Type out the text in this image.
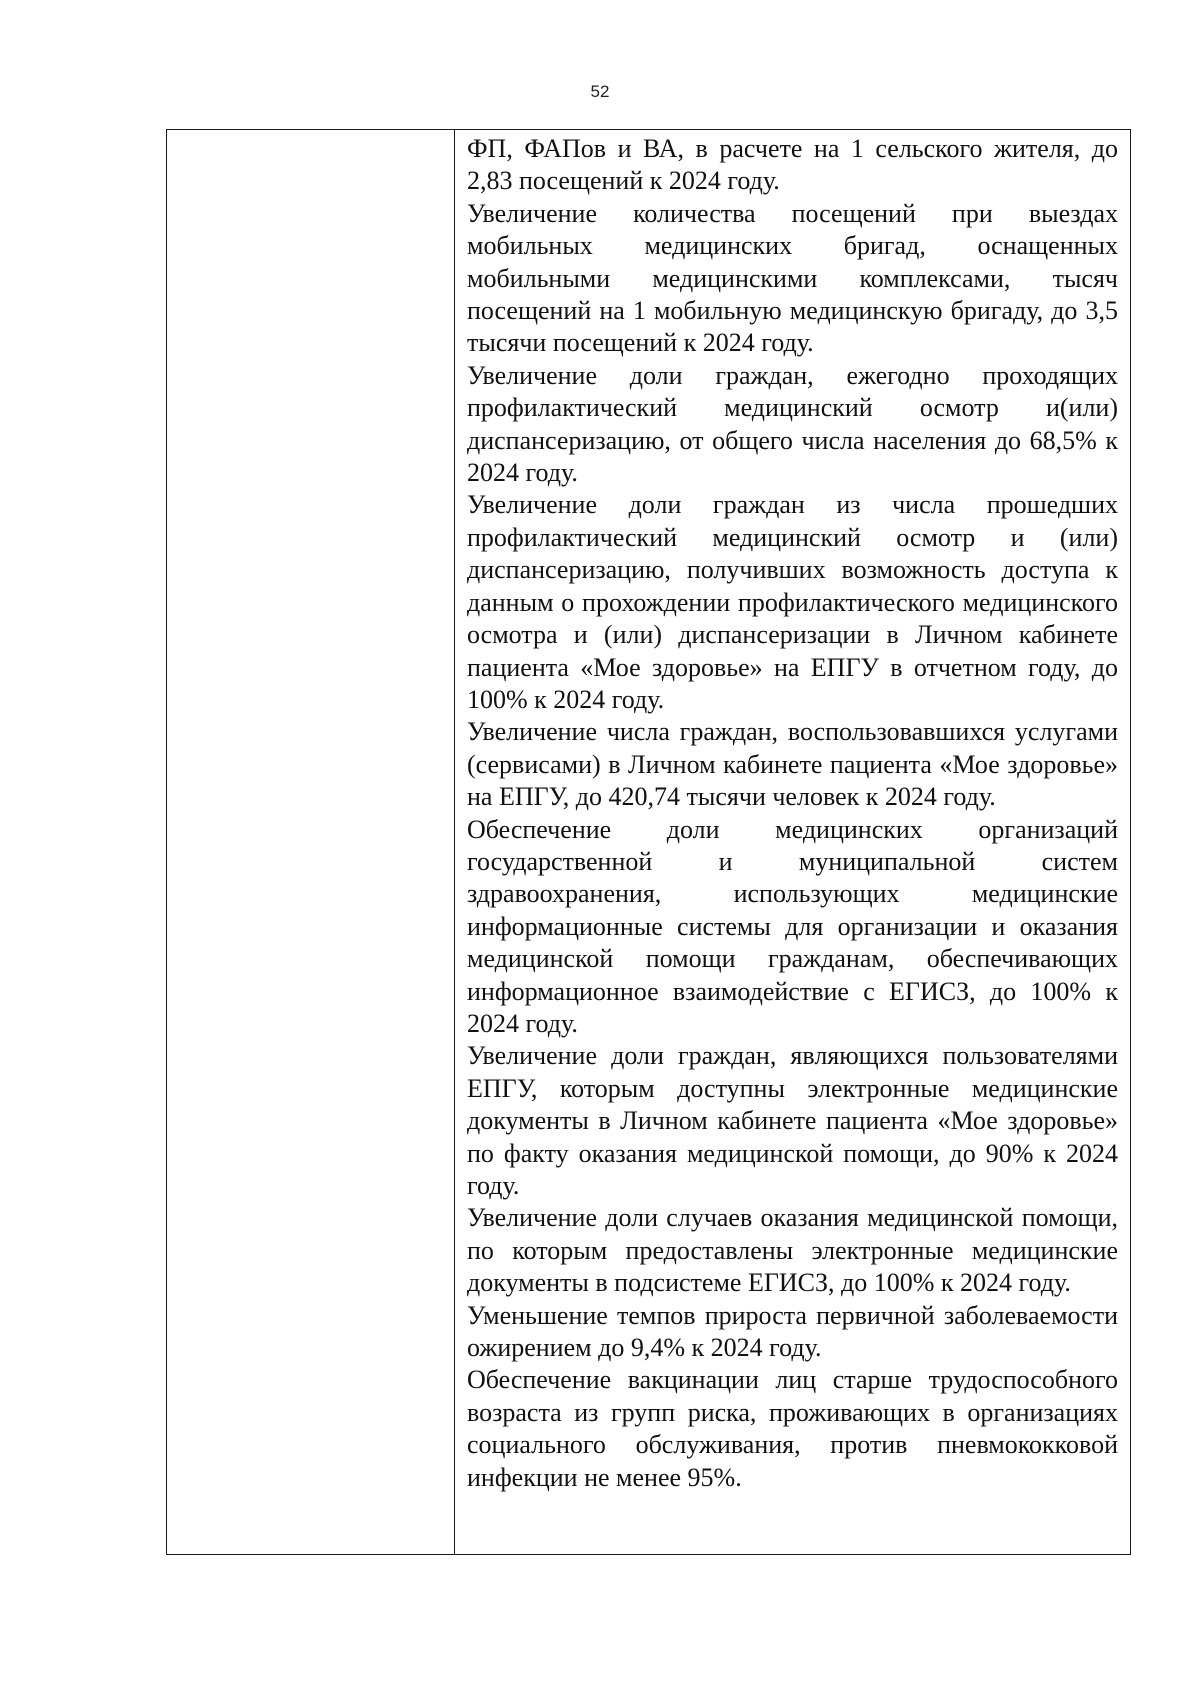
52

ФП, ФАПов и ВА, в расчете на 1 сельского жителя, до 2,83 посещений к 2024 году.

Увеличение количества посещений при выездах мобильных медицинских бригад, оснащенных мобильными медицинскими комплексами, тысяч посещений на 1 мобильную медицинскую бригаду, до 3,5 тысячи посещений к 2024 году.

Увеличение доли граждан, ежегодно проходящих профилактический медицинский осмотр и(или) диспансеризацию, от общего числа населения до 68,5% к 2024 году.

Увеличение доли граждан из числа прошедших профилактический медицинский осмотр и (или) диспансеризацию, получивших возможность доступа к данным о прохождении профилактического медицинского осмотра и (или) диспансеризации в Личном кабинете пациента «Мое здоровье» на ЕПГУ в отчетном году, до 100% к 2024 году.

Увеличение числа граждан, воспользовавшихся услугами (сервисами) в Личном кабинете пациента «Мое здоровье» на ЕПГУ, до 420,74 тысячи человек к 2024 году.

Обеспечение доли медицинских организаций государственной и муниципальной систем здравоохранения, использующих медицинские информационные системы для организации и оказания медицинской помощи гражданам, обеспечивающих информационное взаимодействие с ЕГИСЗ, до 100% к 2024 году.

Увеличение доли граждан, являющихся пользователями ЕПГУ, которым доступны электронные медицинские документы в Личном кабинете пациента «Мое здоровье» по факту оказания медицинской помощи, до 90% к 2024 году.

Увеличение доли случаев оказания медицинской помощи, по которым предоставлены электронные медицинские документы в подсистеме ЕГИСЗ, до 100% к 2024 году.

Уменьшение темпов прироста первичной заболеваемости ожирением до 9,4% к 2024 году.

Обеспечение вакцинации лиц старше трудоспособного возраста из групп риска, проживающих в организациях социального обслуживания, против пневмококковой инфекции не менее 95%.
